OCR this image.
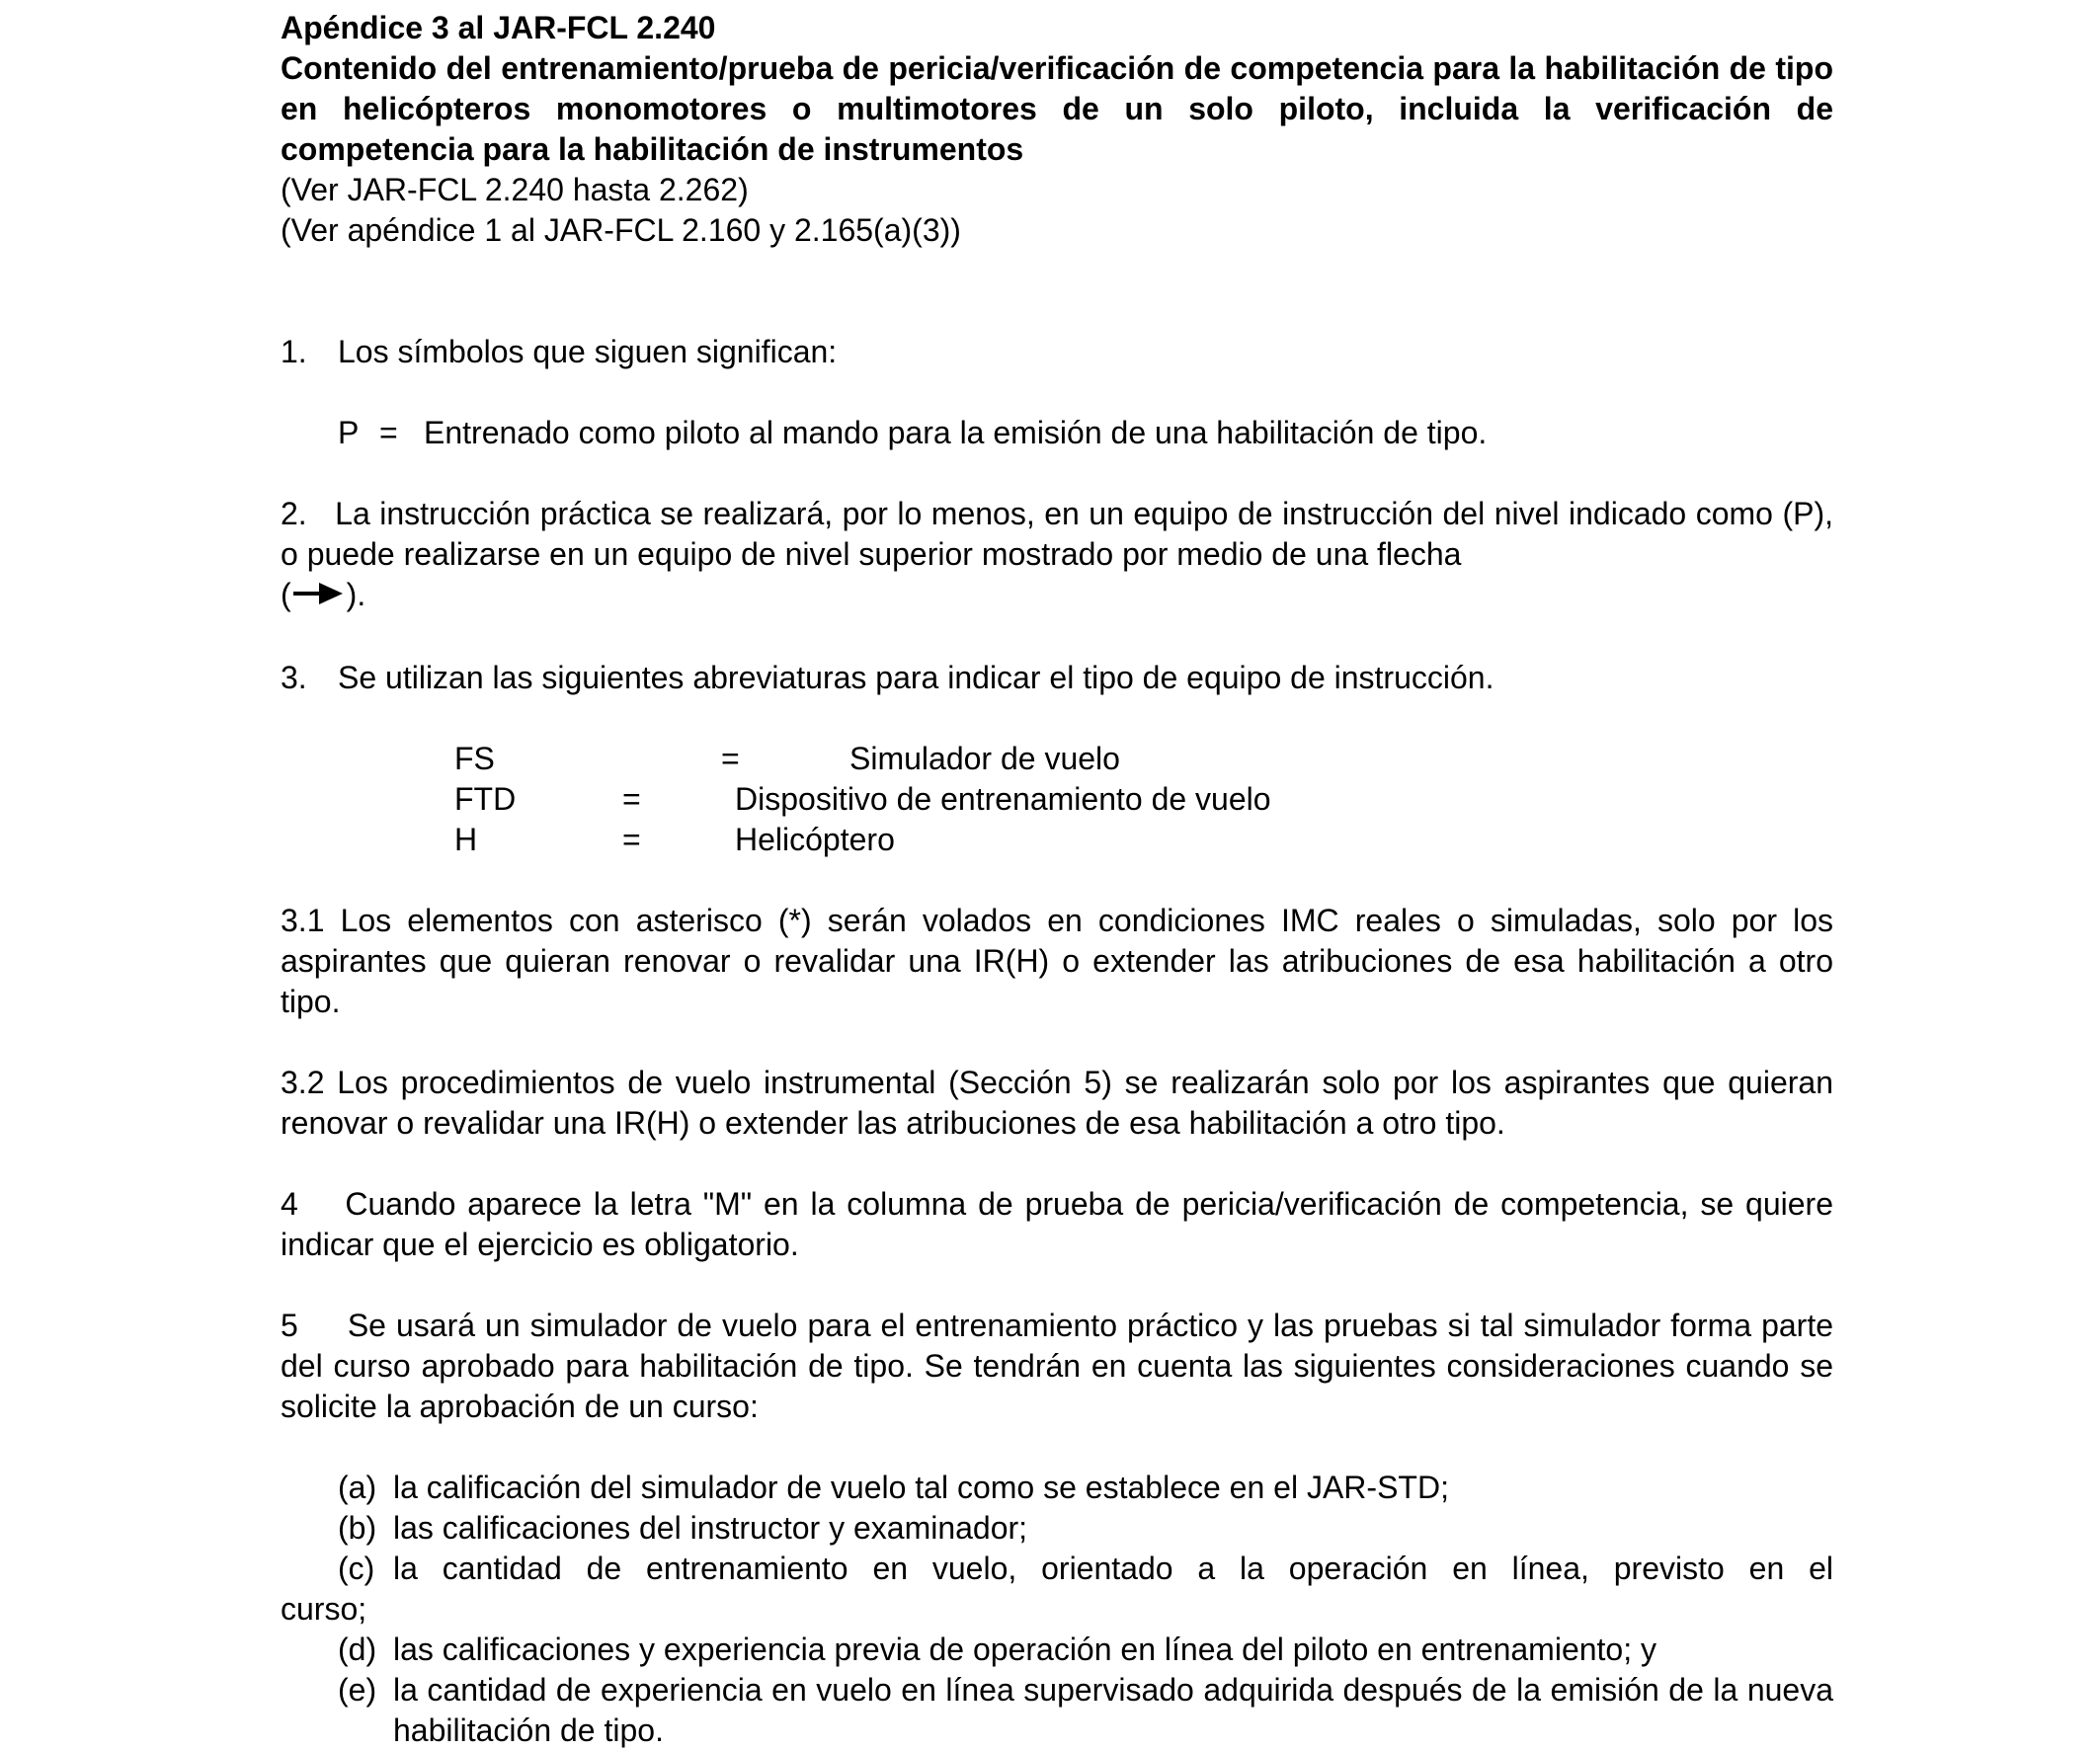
Apéndice 3 al JAR-FCL 2.240

Contenido del entrenamiento/prueba de pericia/verificación de competencia para la habilitación de tipo en helicópteros monomotores o multimotores de un solo piloto, incluida la verificación de competencia para la habilitación de instrumentos

(Ver JAR-FCL 2.240 hasta 2.262)

(Ver apéndice 1 al JAR-FCL 2.160 y 2.165(a)(3))

1. Los símbolos que siguen significan:
P = Entrenado como piloto al mando para la emisión de una habilitación de tipo.

2. La instrucción práctica se realizará, por lo menos, en un equipo de instrucción del nivel indicado como (P), o puede realizarse en un equipo de nivel superior mostrado por medio de una flecha
( ).

3. Se utilizan las siguientes abreviaturas para indicar el tipo de equipo de instrucción.
FS	=	Simulador de vuelo
FTD	=	Dispositivo de entrenamiento de vuelo
H	=	Helicóptero

3.1 Los elementos con asterisco (*) serán volados en condiciones IMC reales o simuladas, solo por los aspirantes que quieran renovar o revalidar una IR(H) o extender las atribuciones de esa habilitación a otro tipo.

3.2 Los procedimientos de vuelo instrumental (Sección 5) se realizarán solo por los aspirantes que quieran renovar o revalidar una IR(H) o extender las atribuciones de esa habilitación a otro tipo.

4 Cuando aparece la letra "M" en la columna de prueba de pericia/verificación de competencia, se quiere indicar que el ejercicio es obligatorio.

5 Se usará un simulador de vuelo para el entrenamiento práctico y las pruebas si tal simulador forma parte del curso aprobado para habilitación de tipo. Se tendrán en cuenta las siguientes consideraciones cuando se solicite la aprobación de un curso:

(a) la calificación del simulador de vuelo tal como se establece en el JAR-STD;
(b) las calificaciones del instructor y examinador;
(c) la cantidad de entrenamiento en vuelo, orientado a la operación en línea, previsto en el

curso;

(d) las calificaciones y experiencia previa de operación en línea del piloto en entrenamiento; y
(e) la cantidad de experiencia en vuelo en línea supervisado adquirida después de la emisión de la nueva habilitación de tipo.
